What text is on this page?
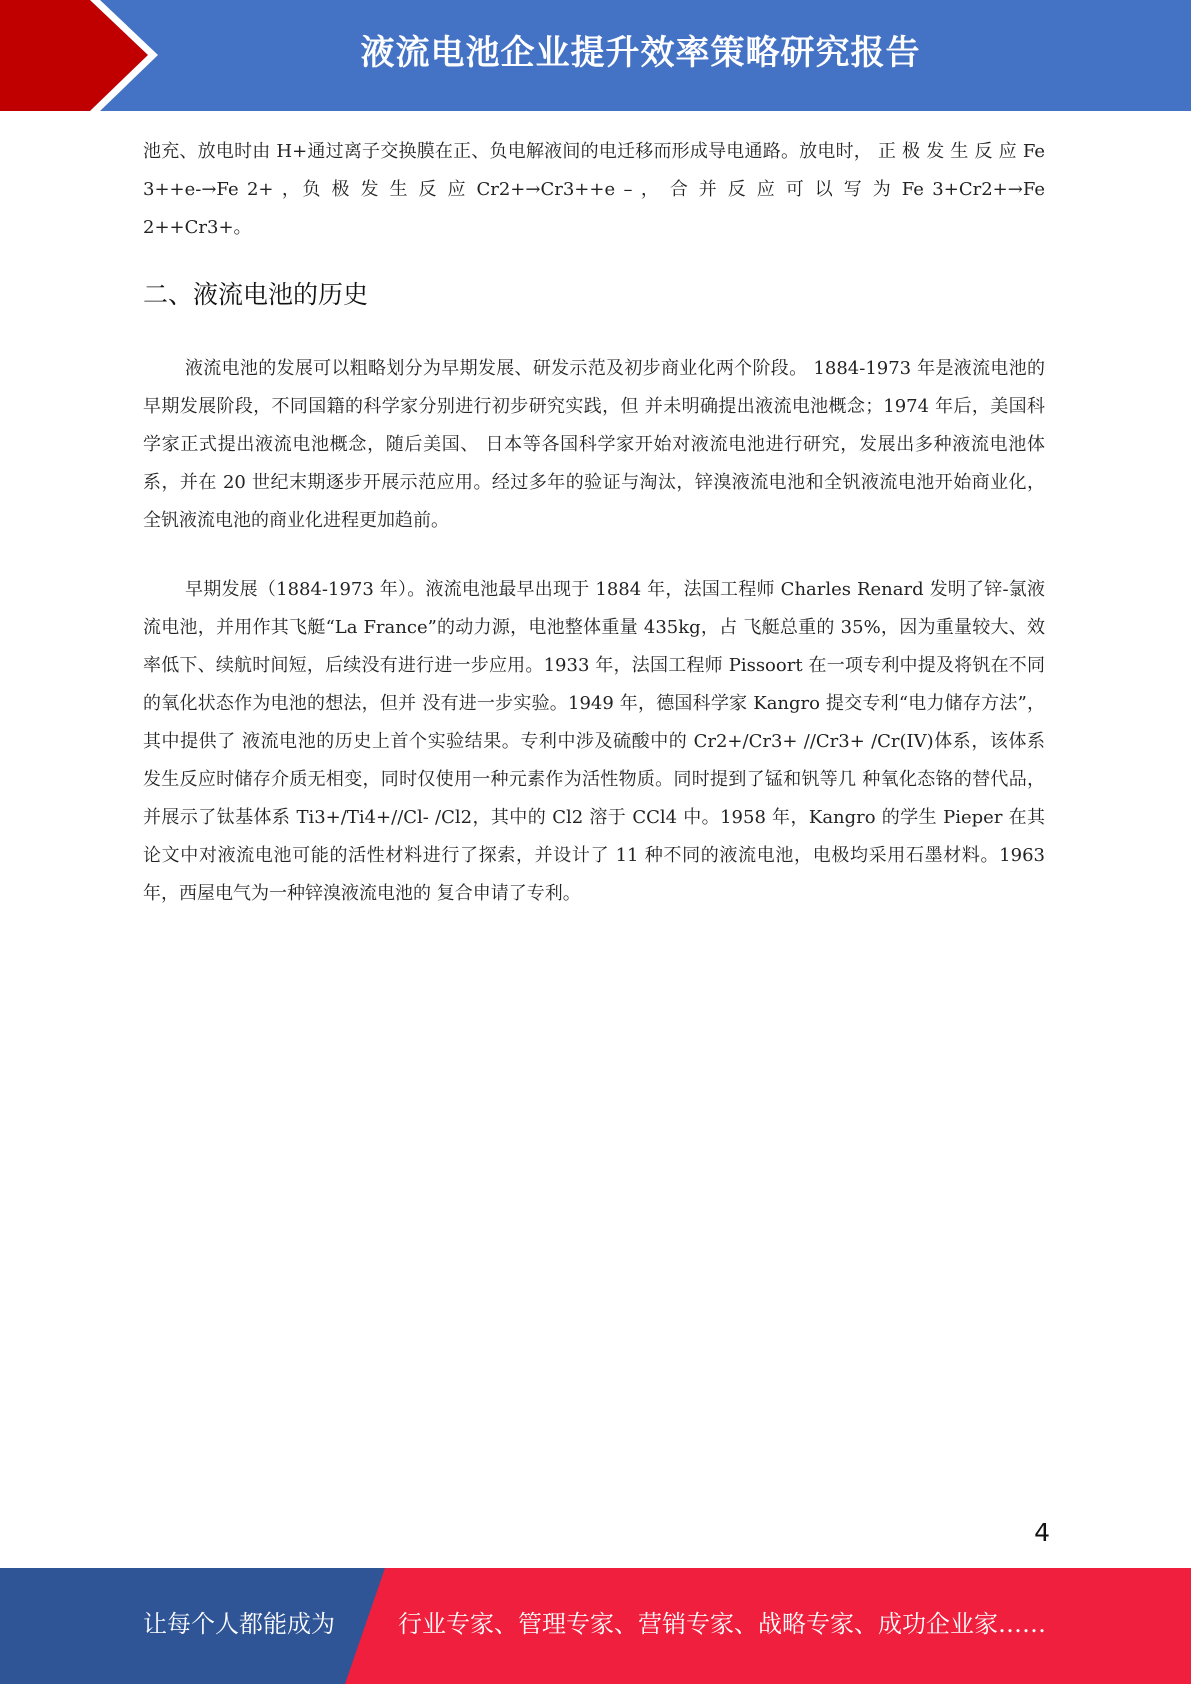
液流电池企业提升效率策略研究报告

池充、放电时由 H+通过离子交换膜在正、负电解液间的电迁移而形成导电通路。放电时， 正 极 发 生 反 应 Fe 3++e-→Fe 2+ ，负 极 发 生 反 应 Cr2+→Cr3++e – ， 合 并 反 应 可 以 写 为 Fe 3+Cr2+→Fe 2++Cr3+。

二、液流电池的历史

液流电池的发展可以粗略划分为早期发展、研发示范及初步商业化两个阶段。 1884-1973 年是液流电池的早期发展阶段，不同国籍的科学家分别进行初步研究实践，但 并未明确提出液流电池概念；1974 年后，美国科学家正式提出液流电池概念，随后美国、 日本等各国科学家开始对液流电池进行研究，发展出多种液流电池体系，并在 20 世纪末期逐步开展示范应用。经过多年的验证与淘汰，锌溴液流电池和全钒液流电池开始商业化， 全钒液流电池的商业化进程更加趋前。

早期发展（1884-1973 年）。液流电池最早出现于 1884 年，法国工程师 Charles Renard 发明了锌-氯液流电池，并用作其飞艇“La France”的动力源，电池整体重量 435kg，占 飞艇总重的 35%，因为重量较大、效率低下、续航时间短，后续没有进行进一步应用。1933 年，法国工程师 Pissoort 在一项专利中提及将钒在不同的氧化状态作为电池的想法，但并 没有进一步实验。1949 年，德国科学家 Kangro 提交专利“电力储存方法”，其中提供了 液流电池的历史上首个实验结果。专利中涉及硫酸中的 Cr2+/Cr3+ //Cr3+ /Cr(IV)体系，该体系 发生反应时储存介质无相变，同时仅使用一种元素作为活性物质。同时提到了锰和钒等几 种氧化态铬的替代品，并展示了钛基体系 Ti3+/Ti4+//Cl- /Cl2，其中的 Cl2 溶于 CCl4 中。1958 年，Kangro 的学生 Pieper 在其论文中对液流电池可能的活性材料进行了探索，并设计了 11 种不同的液流电池，电极均采用石墨材料。1963 年，西屋电气为一种锌溴液流电池的 复合申请了专利。

4
让每个人都能成为	行业专家、管理专家、营销专家、战略专家、成功企业家……
